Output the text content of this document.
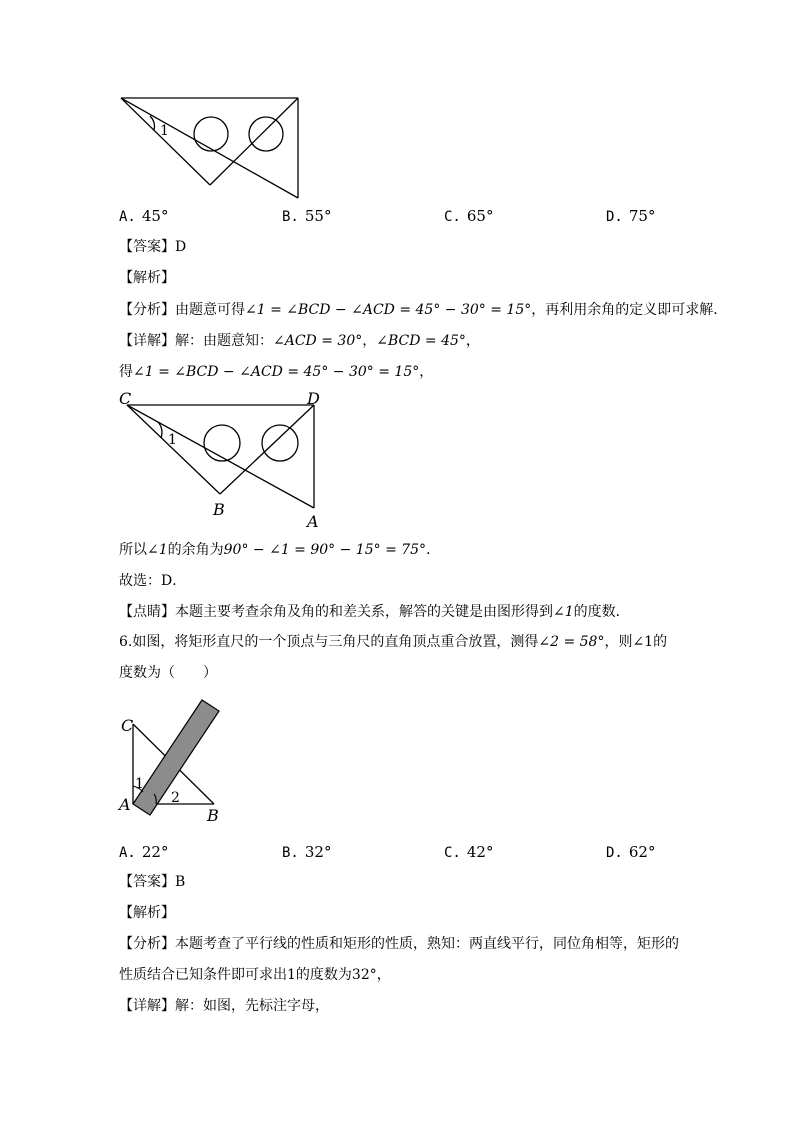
1
A. 45°	B. 55°	C. 65°	D. 75°
【答案】D
【解析】
【分析】由题意可得∠1 = ∠BCD − ∠ACD = 45° − 30° = 15°，再利用余角的定义即可求解．
【详解】解：由题意知：∠ACD = 30°，∠BCD = 45°，
得∠1 = ∠BCD − ∠ACD = 45° − 30° = 15°，
C	D
B
A
1
所以∠1的余角为90° − ∠1 = 90° − 15° = 75°．
故选：D．
【点睛】本题主要考查余角及角的和差关系，解答的关键是由图形得到∠1的度数．
6.如图，将矩形直尺的一个顶点与三角尺的直角顶点重合放置，测得∠2 = 58°，则∠1的
度数为（　　）
C
A
B
1
2
A. 22°	B. 32°	C. 42°	D. 62°
【答案】B
【解析】
【分析】本题考查了平行线的性质和矩形的性质，熟知：两直线平行，同位角相等，矩形的
性质结合已知条件即可求出1的度数为32°，
【详解】解：如图，先标注字母，
